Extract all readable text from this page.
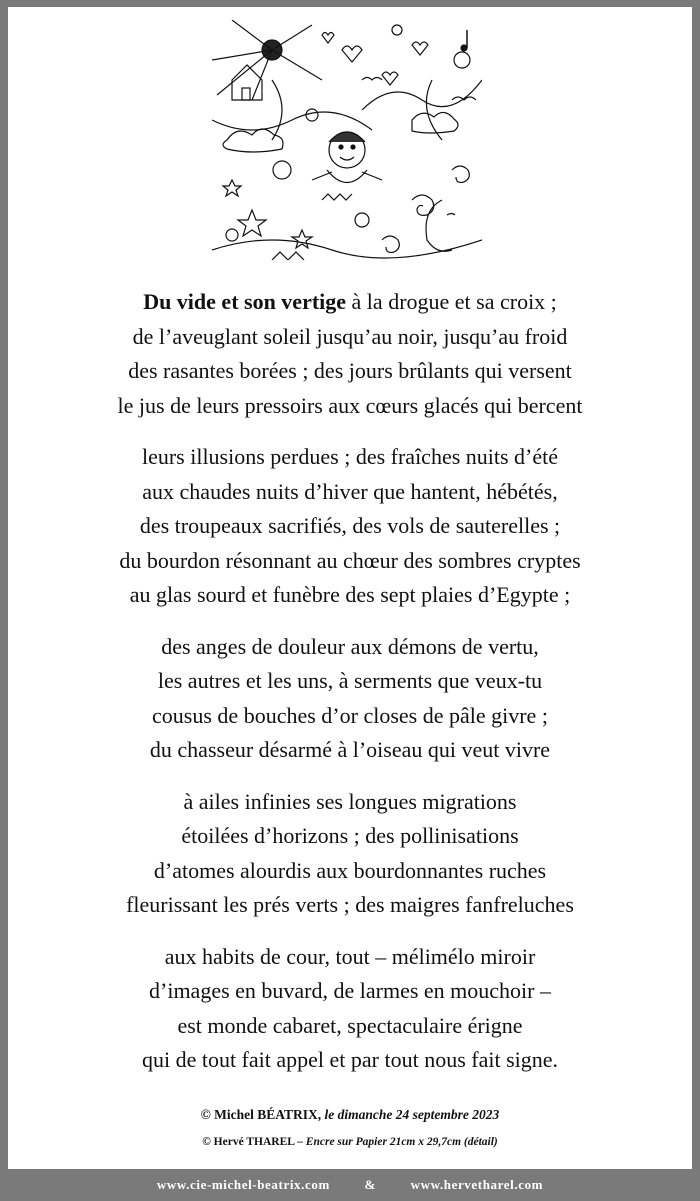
Du vide et son vertige à la drogue et sa croix ;
de l’aveuglant soleil jusqu’au noir, jusqu’au froid
des rasantes borées ; des jours brûlants qui versent
le jus de leurs pressoirs aux cœurs glacés qui bercent
leurs illusions perdues ; des fraîches nuits d’été
aux chaudes nuits d’hiver que hantent, hébétés,
des troupeaux sacrifiés, des vols de sauterelles ;
du bourdon résonnant au chœur des sombres cryptes
au glas sourd et funèbre des sept plaies d’Egypte ;
des anges de douleur aux démons de vertu,
les autres et les uns, à serments que veux-tu
cousus de bouches d’or closes de pâle givre ;
du chasseur désarmé à l’oiseau qui veut vivre
à ailes infinies ses longues migrations
étoilées d’horizons ; des pollinisations
d’atomes alourdis aux bourdonnantes ruches
fleurissant les prés verts ; des maigres fanfreluches
aux habits de cour, tout – mélimélo miroir
d’images en buvard, de larmes en mouchoir –
est monde cabaret, spectaculaire érigne
qui de tout fait appel et par tout nous fait signe.
© Michel BÉATRIX, le dimanche 24 septembre 2023
© Hervé THAREL – Encre sur Papier 21cm x 29,7cm (détail)
www.cie-michel-beatrix.com	&	www.hervetharel.com
